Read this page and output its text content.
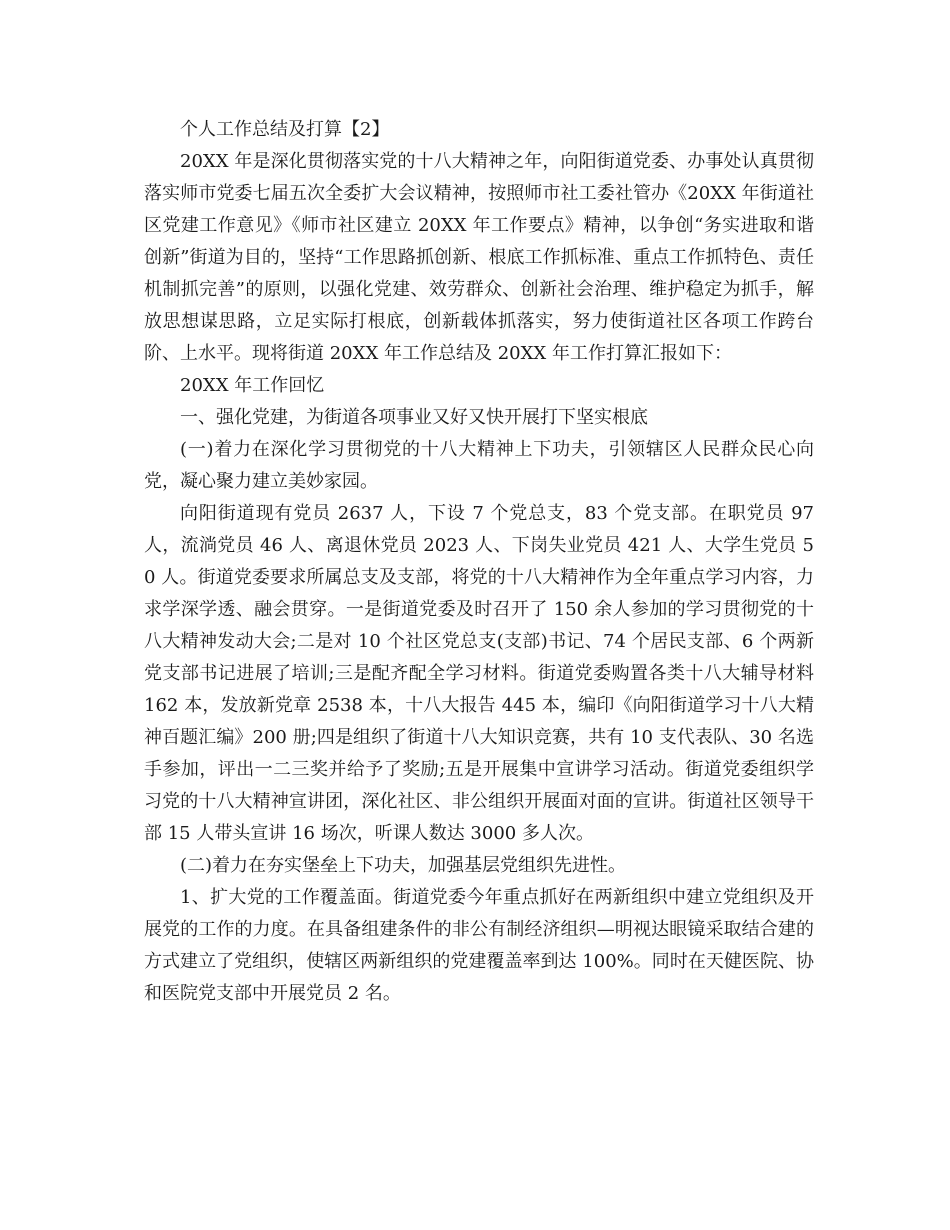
个人工作总结及打算【2】

20XX 年是深化贯彻落实党的十八大精神之年，向阳街道党委、办事处认真贯彻落实师市党委七届五次全委扩大会议精神，按照师市社工委社管办《20XX 年街道社区党建工作意见》《师市社区建立 20XX 年工作要点》精神，以争创“务实进取和谐创新”街道为目的，坚持“工作思路抓创新、根底工作抓标准、重点工作抓特色、责任机制抓完善”的原则，以强化党建、效劳群众、创新社会治理、维护稳定为抓手，解放思想谋思路，立足实际打根底，创新载体抓落实，努力使街道社区各项工作跨台阶、上水平。现将街道 20XX 年工作总结及 20XX 年工作打算汇报如下：

20XX 年工作回忆

一、强化党建，为街道各项事业又好又快开展打下坚实根底

(一)着力在深化学习贯彻党的十八大精神上下功夫，引领辖区人民群众民心向党，凝心聚力建立美妙家园。

向阳街道现有党员 2637 人，下设 7 个党总支，83 个党支部。在职党员 97 人，流淌党员 46 人、离退休党员 2023 人、下岗失业党员 421 人、大学生党员 50 人。街道党委要求所属总支及支部，将党的十八大精神作为全年重点学习内容，力求学深学透、融会贯穿。一是街道党委及时召开了 150 余人参加的学习贯彻党的十八大精神发动大会;二是对 10 个社区党总支(支部)书记、74 个居民支部、6 个两新党支部书记进展了培训;三是配齐配全学习材料。街道党委购置各类十八大辅导材料 162 本，发放新党章 2538 本，十八大报告 445 本，编印《向阳街道学习十八大精神百题汇编》200 册;四是组织了街道十八大知识竞赛，共有 10 支代表队、30 名选手参加，评出一二三奖并给予了奖励;五是开展集中宣讲学习活动。街道党委组织学习党的十八大精神宣讲团，深化社区、非公组织开展面对面的宣讲。街道社区领导干部 15 人带头宣讲 16 场次，听课人数达 3000 多人次。

(二)着力在夯实堡垒上下功夫，加强基层党组织先进性。

1、扩大党的工作覆盖面。街道党委今年重点抓好在两新组织中建立党组织及开展党的工作的力度。在具备组建条件的非公有制经济组织—明视达眼镜采取结合建的方式建立了党组织，使辖区两新组织的党建覆盖率到达 100%。同时在天健医院、协和医院党支部中开展党员 2 名。
